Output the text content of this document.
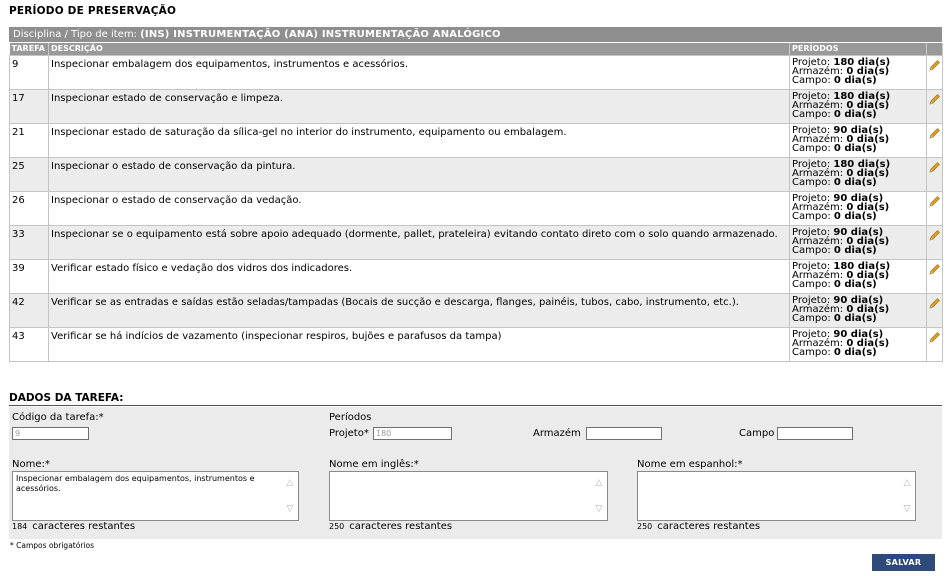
PERÍODO DE PRESERVAÇÃO
Disciplina / Tipo de item: (INS) INSTRUMENTAÇÃO (ANA) INSTRUMENTAÇÃO ANALÓGICO
TAREFA	DESCRIÇÃO	PERÍODOS	
9	Inspecionar embalagem dos equipamentos, instrumentos e acessórios.	Projeto: 180 dia(s)
Armazém: 0 dia(s)
Campo: 0 dia(s)

17	Inspecionar estado de conservação e limpeza.	Projeto: 180 dia(s)
Armazém: 0 dia(s)
Campo: 0 dia(s)

21	Inspecionar estado de saturação da sílica-gel no interior do instrumento, equipamento ou embalagem.	Projeto: 90 dia(s)
Armazém: 0 dia(s)
Campo: 0 dia(s)

25	Inspecionar o estado de conservação da pintura.	Projeto: 180 dia(s)
Armazém: 0 dia(s)
Campo: 0 dia(s)

26	Inspecionar o estado de conservação da vedação.	Projeto: 90 dia(s)
Armazém: 0 dia(s)
Campo: 0 dia(s)

33	Inspecionar se o equipamento está sobre apoio adequado (dormente, pallet, prateleira) evitando contato direto com o solo quando armazenado.	Projeto: 90 dia(s)
Armazém: 0 dia(s)
Campo: 0 dia(s)

39	Verificar estado físico e vedação dos vidros dos indicadores.	Projeto: 180 dia(s)
Armazém: 0 dia(s)
Campo: 0 dia(s)

42	Verificar se as entradas e saídas estão seladas/tampadas (Bocais de sucção e descarga, flanges, painéis, tubos, cabo, instrumento, etc.).	Projeto: 90 dia(s)
Armazém: 0 dia(s)
Campo: 0 dia(s)

43	Verificar se há indícios de vazamento (inspecionar respiros, bujões e parafusos da tampa)	Projeto: 90 dia(s)
Armazém: 0 dia(s)
Campo: 0 dia(s)

DADOS DA TAREFA:
Código da tarefa:*
9
Períodos
Projeto* 180	Armazém	Campo
Nome:*
Inspecionar embalagem dos equipamentos, instrumentos e acessórios.
△
▽
184 caracteres restantes
Nome em inglês:*
△
▽
250 caracteres restantes
Nome em espanhol:*
△
▽
250 caracteres restantes
* Campos obrigatórios
SALVAR
